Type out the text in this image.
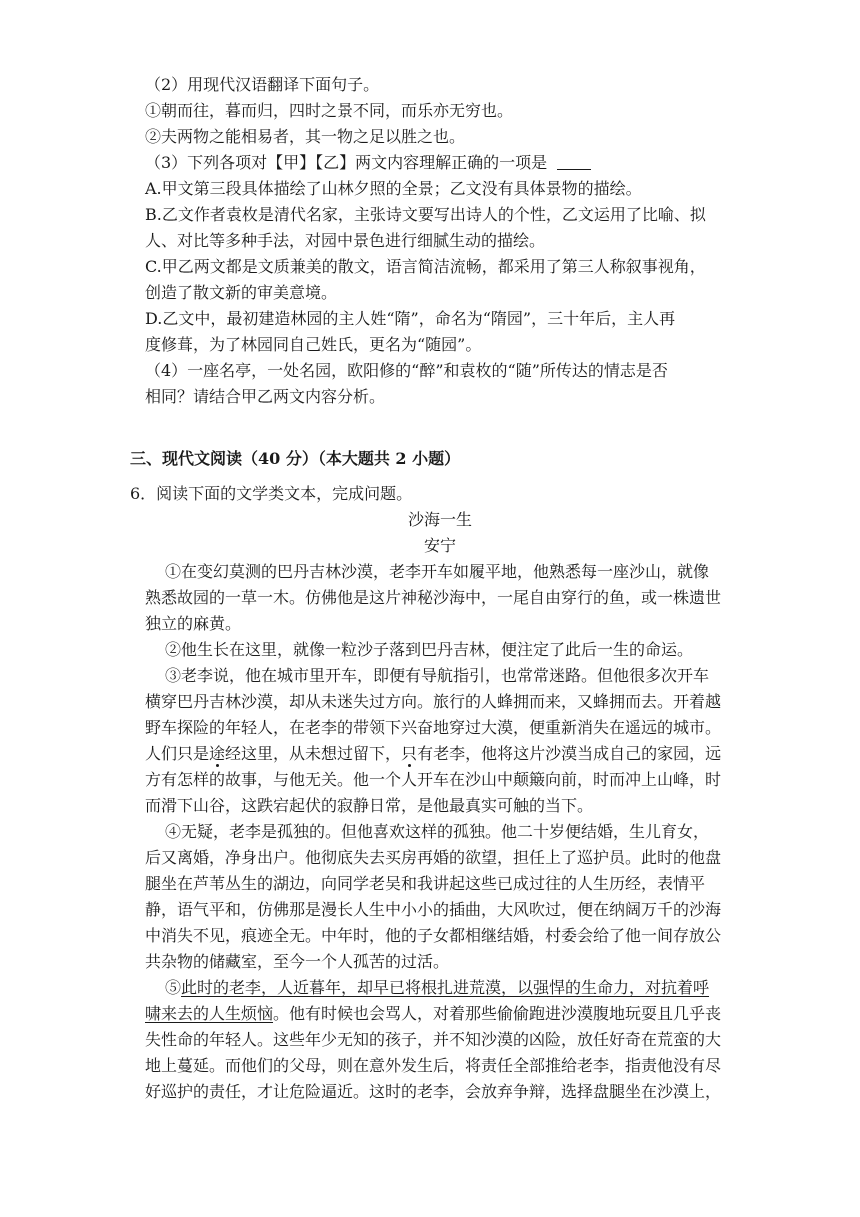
（2）用现代汉语翻译下面句子。
①朝而往，暮而归，四时之景不同，而乐亦无穷也。
②夫两物之能相易者，其一物之足以胜之也。
（3）下列各项对【甲】【乙】两文内容理解正确的一项是
A.甲文第三段具体描绘了山林夕照的全景；乙文没有具体景物的描绘。
B.乙文作者袁枚是清代名家，主张诗文要写出诗人的个性，乙文运用了比喻、拟
人、对比等多种手法，对园中景色进行细腻生动的描绘。
C.甲乙两文都是文质兼美的散文，语言简洁流畅，都采用了第三人称叙事视角，
创造了散文新的审美意境。
D.乙文中，最初建造林园的主人姓“隋”，命名为“隋园”，三十年后，主人再
度修葺，为了林园同自己姓氏，更名为“随园”。
（4）一座名亭，一处名园，欧阳修的“醉”和袁枚的“随”所传达的情志是否
相同？请结合甲乙两文内容分析。
三、现代文阅读（40 分）（本大题共 2 小题）
6．阅读下面的文学类文本，完成问题。
沙海一生
安宁
①在变幻莫测的巴丹吉林沙漠，老李开车如履平地，他熟悉每一座沙山，就像
熟悉故园的一草一木。仿佛他是这片神秘沙海中，一尾自由穿行的鱼，或一株遗世
独立的麻黄。
②他生长在这里，就像一粒沙子落到巴丹吉林，便注定了此后一生的命运。
③老李说，他在城市里开车，即便有导航指引，也常常迷路。但他很多次开车
横穿巴丹吉林沙漠，却从未迷失过方向。旅行的人蜂拥而来，又蜂拥而去。开着越
野车探险的年轻人，在老李的带领下兴奋地穿过大漠，便重新消失在遥远的城市。
人们只是途经这里，从未想过留下，只有老李，他将这片沙漠当成自己的家园，远
方有怎样的故事，与他无关。他一个人开车在沙山中颠簸向前，时而冲上山峰，时
而滑下山谷，这跌宕起伏的寂静日常，是他最真实可触的当下。
④无疑，老李是孤独的。但他喜欢这样的孤独。他二十岁便结婚，生儿育女，
后又离婚，净身出户。他彻底失去买房再婚的欲望，担任上了巡护员。此时的他盘
腿坐在芦苇丛生的湖边，向同学老吴和我讲起这些已成过往的人生历经，表情平
静，语气平和，仿佛那是漫长人生中小小的插曲，大风吹过，便在纳阔万千的沙海
中消失不见，痕迹全无。中年时，他的子女都相继结婚，村委会给了他一间存放公
共杂物的储藏室，至今一个人孤苦的过活。
⑤此时的老李，人近暮年，却早已将根扎进荒漠，以强悍的生命力，对抗着呼
啸来去的人生烦恼。他有时候也会骂人，对着那些偷偷跑进沙漠腹地玩耍且几乎丧
失性命的年轻人。这些年少无知的孩子，并不知沙漠的凶险，放任好奇在荒蛮的大
地上蔓延。而他们的父母，则在意外发生后，将责任全部推给老李，指责他没有尽
好巡护的责任，才让危险逼近。这时的老李，会放弃争辩，选择盘腿坐在沙漠上，
